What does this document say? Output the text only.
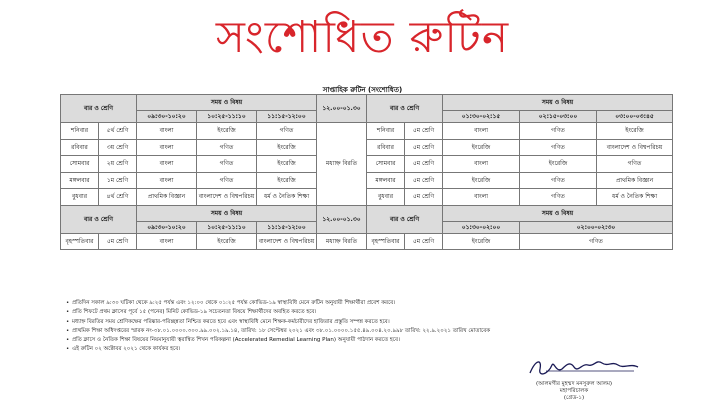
সংশোধিত রুটিন
সাপ্তাহিক রুটিন (সংশোধিত)
বার ও শ্রেণি		সময় ও বিষয়			১২.০০-০১.৩০	বার ও শ্রেণি		সময় ও বিষয়		
		০৯:৩০-১০:২০	১০:২৫-১১:১০	১১:১৫-১২:০০				০১:৩০-০২:১৫	০২:১৫-০৩:০০	০৩:০০-০৩:৪৫
শনিবার	৫র্থ শ্রেণি	বাংলা	ইংরেজি	গণিত	মধ্যাহ্ন বিরতি	শনিবার	৫ম শ্রেণি	বাংলা	গণিত	ইংরেজি
রবিবার	৩য় শ্রেণি	বাংলা	গণিত	ইংরেজি		রবিবার	৫ম শ্রেণি	ইংরেজি	গণিত	বাংলাদেশ ও বিশ্বপরিচয়
সোমবার	২য় শ্রেণি	বাংলা	গণিত	ইংরেজি		সোমবার	৫ম শ্রেণি	বাংলা	ইংরেজি	গণিত
মঙ্গলবার	১ম শ্রেণি	বাংলা	গণিত	ইংরেজি		মঙ্গলবার	৫ম শ্রেণি	ইংরেজি	গণিত	প্রাথমিক বিজ্ঞান
বুধবার	৪র্থ শ্রেণি	প্রাথমিক বিজ্ঞান	বাংলাদেশ ও বিশ্বপরিচয়	ধর্ম ও নৈতিক শিক্ষা		বুধবার	৫ম শ্রেণি	বাংলা	গণিত	ধর্ম ও নৈতিক শিক্ষা
বার ও শ্রেণি		সময় ও বিষয়			১২.০০-০১.৩০	বার ও শ্রেণি		সময় ও বিষয়		
		০৯:৩০-১০:২০	১০:২৫-১১:১০	১১:১৫-১২:০০				০১:৩০-০২:০০	০২:০০-০২:৩০	
বৃহস্পতিবার	৫ম শ্রেণি	বাংলা	ইংরেজি	বাংলাদেশ ও বিশ্বপরিচয়	মধ্যাহ্ন বিরতি	বৃহস্পতিবার	৫ম শ্রেণি	ইংরেজি	গণিত	
• প্রতিদিন সকাল ৯:৩০ ঘটিকা থেকে ৯:২৫ পর্যন্ত এবং ১২:০০ থেকে ০১:২৫ পর্যন্ত কোভিড-১৯ স্বাস্থ্যবিধি মেনে রুটিন অনুযায়ী শিক্ষার্থীরা প্রবেশ করবে।
• প্রতি শিফটে প্রথম ক্লাসের পূর্বে ১৫ (পনের) মিনিট কোভিড-১৯ সচেতনতা বিষয়ে শিক্ষার্থীদের অবহিত করতে হবে।
• মধ্যাহ্ন বিরতির সময় শ্রেণিকক্ষের পরিষ্কার-পরিচ্ছন্নতা নিশ্চিত করতে হবে এবং স্বাস্থ্যবিধি মেনে শিক্ষক-কর্মচারীদের হাজিরার প্রস্তুতি সম্পন্ন করতে হবে।
• প্রাথমিক শিক্ষা অধিদপ্তরের স্মারক নং-৩৮.০১.০০০০.৩০০.৯৯.০০২.১৯.১৪, তারিখ: ১৮ সেপ্টেম্বর ২০২১ এবং ৩৮.০১.০০০০.১৫৫.৪৯.০০৪.২০.৯৯৮ তারিখ: ২২.৯.২০২১ তারিখ মোতাবেক
• প্রতি ক্লাসে ও নৈতিক শিক্ষা বিষয়ের নিয়মানুযায়ী ত্বরান্বিত শিখন পরিকল্পনা (Accelerated Remedial Learning Plan) অনুযায়ী পাঠদান করতে হবে।
• এই রুটিন ০২ অক্টোবর ২০২১ থেকে কার্যকর হবে।
(আলমগীর মুহম্মদ মনসুরুল আলম)
মহাপরিচালক
(গ্রেড-১)
